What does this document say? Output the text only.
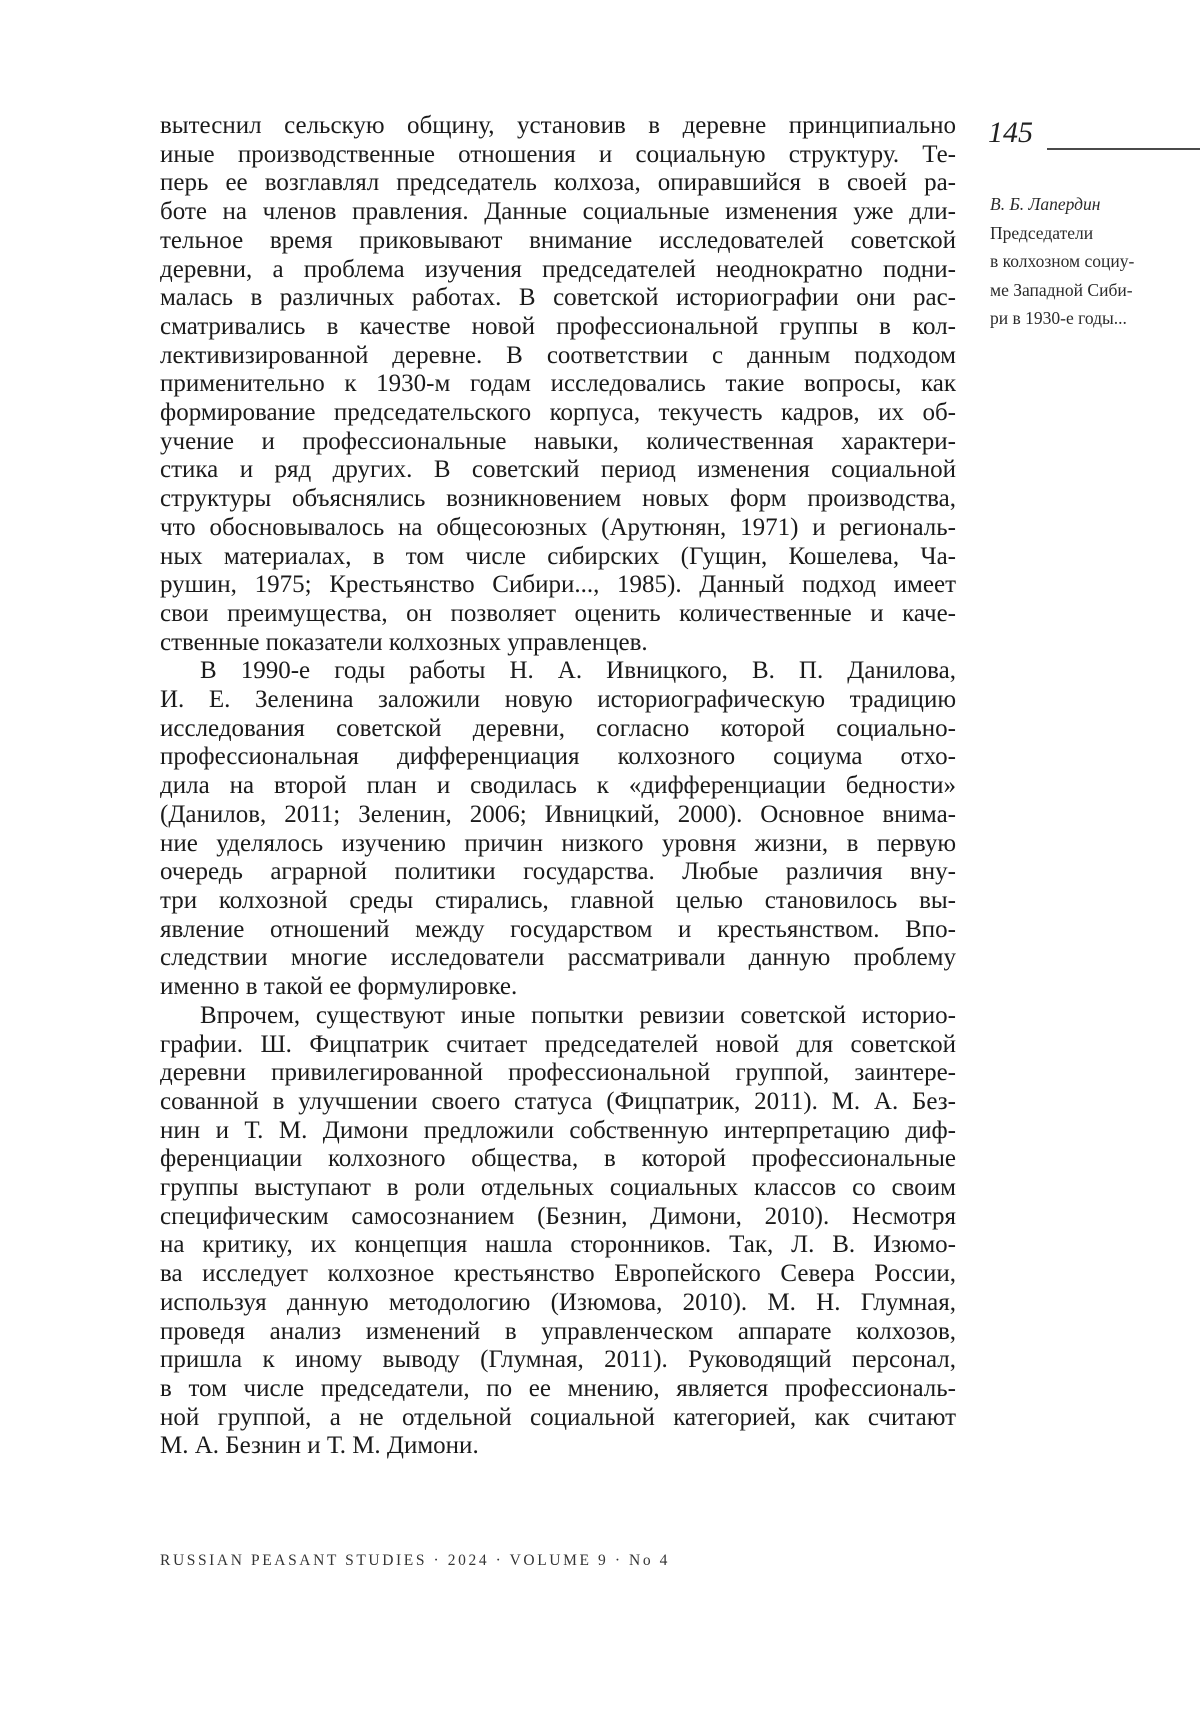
вытеснил сельскую общину, установив в деревне принципиально
иные производственные отношения и социальную структуру. Те-
перь ее возглавлял председатель колхоза, опиравшийся в своей ра-
боте на членов правления. Данные социальные изменения уже дли-
тельное время приковывают внимание исследователей советской
деревни, а проблема изучения председателей неоднократно подни-
малась в различных работах. В советской историографии они рас-
сматривались в качестве новой профессиональной группы в кол-
лективизированной деревне. В соответствии с данным подходом
применительно к 1930-м годам исследовались такие вопросы, как
формирование председательского корпуса, текучесть кадров, их об-
учение и профессиональные навыки, количественная характери-
стика и ряд других. В советский период изменения социальной
структуры объяснялись возникновением новых форм производства,
что обосновывалось на общесоюзных (Арутюнян, 1971) и региональ-
ных материалах, в том числе сибирских (Гущин, Кошелева, Ча-
рушин, 1975; Крестьянство Сибири..., 1985). Данный подход имеет
свои преимущества, он позволяет оценить количественные и каче-
ственные показатели колхозных управленцев.
В 1990-е годы работы Н. А. Ивницкого, В. П. Данилова,
И. Е. Зеленина заложили новую историографическую традицию
исследования советской деревни, согласно которой социально-
профессиональная дифференциация колхозного социума отхо-
дила на второй план и сводилась к «дифференциации бедности»
(Данилов, 2011; Зеленин, 2006; Ивницкий, 2000). Основное внима-
ние уделялось изучению причин низкого уровня жизни, в первую
очередь аграрной политики государства. Любые различия вну-
три колхозной среды стирались, главной целью становилось вы-
явление отношений между государством и крестьянством. Впо-
следствии многие исследователи рассматривали данную проблему
именно в такой ее формулировке.
Впрочем, существуют иные попытки ревизии советской историо-
графии. Ш. Фицпатрик считает председателей новой для советской
деревни привилегированной профессиональной группой, заинтере-
сованной в улучшении своего статуса (Фицпатрик, 2011). М. А. Без-
нин и Т. М. Димони предложили собственную интерпретацию диф-
ференциации колхозного общества, в которой профессиональные
группы выступают в роли отдельных социальных классов со своим
специфическим самосознанием (Безнин, Димони, 2010). Несмотря
на критику, их концепция нашла сторонников. Так, Л. В. Изюмо-
ва исследует колхозное крестьянство Европейского Севера России,
используя данную методологию (Изюмова, 2010). М. Н. Глумная,
проведя анализ изменений в управленческом аппарате колхозов,
пришла к иному выводу (Глумная, 2011). Руководящий персонал,
в том числе председатели, по ее мнению, является профессиональ-
ной группой, а не отдельной социальной категорией, как считают
М. А. Безнин и Т. М. Димони.
145
В. Б. Лапердин
Председатели
в колхозном социу-
ме Западной Сиби-
ри в 1930-е годы...
RUSSIAN PEASANT STUDIES · 2024 · VOLUME 9 · No 4
